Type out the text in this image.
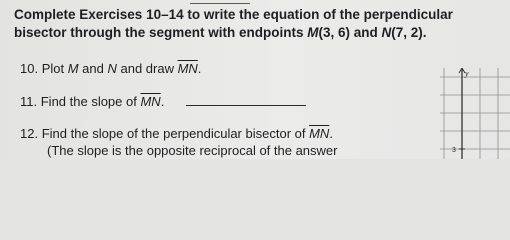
Complete Exercises 10–14 to write the equation of the perpendicular
bisector through the segment with endpoints M(3, 6) and N(7, 2).
10. Plot M and N and draw $\overline{MN}$.
11. Find the slope of $\overline{MN}$.
12. Find the slope of the perpendicular bisector of $\overline{MN}$.
(The slope is the opposite reciprocal of the answer
y
3
